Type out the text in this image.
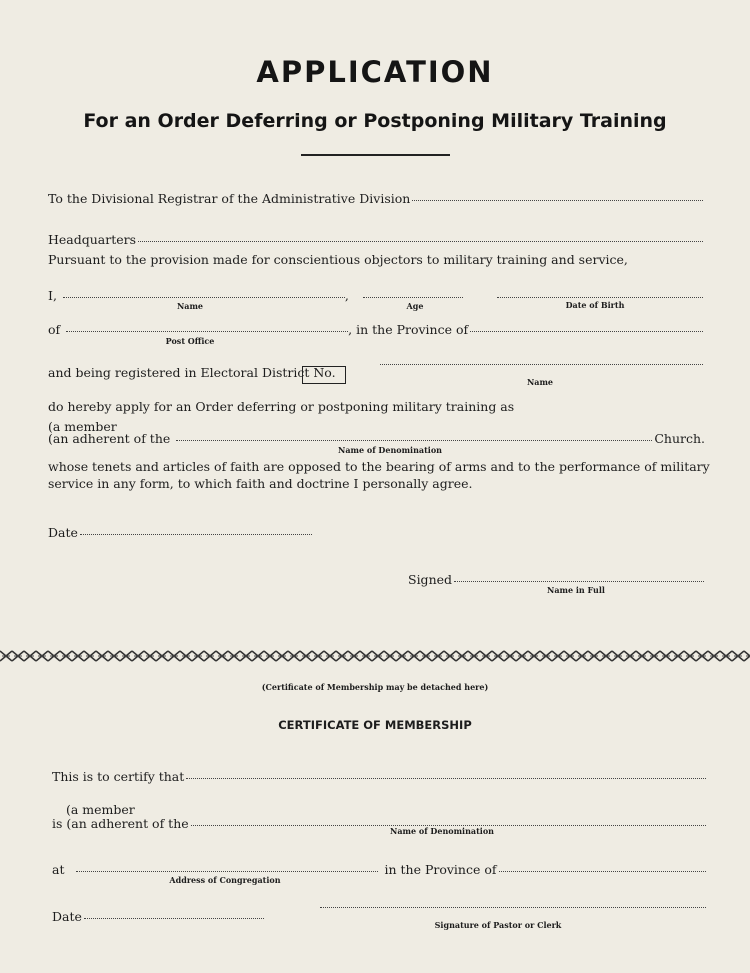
APPLICATION
For an Order Deferring or Postponing Military Training
To the Divisional Registrar of the Administrative Division
Headquarters
Pursuant to the provision made for conscientious objectors to military training and service,
I,	,
Name	Age	Date of Birth
of	, in the Province of
Post Office
and being registered in Electoral District No.
Name
do hereby apply for an Order deferring or postponing military training as
(a member
(an adherent of the	Church.
Name of Denomination
whose tenets and articles of faith are opposed to the bearing of arms and to the performance of military service in any form, to which faith and doctrine I personally agree.
Date
Signed
Name in Full
(Certificate of Membership may be detached here)
CERTIFICATE OF MEMBERSHIP
This is to certify that
(a member
is (an adherent of the	Name of Denomination
at	in the Province of
Address of Congregation
Date
Signature of Pastor or Clerk
